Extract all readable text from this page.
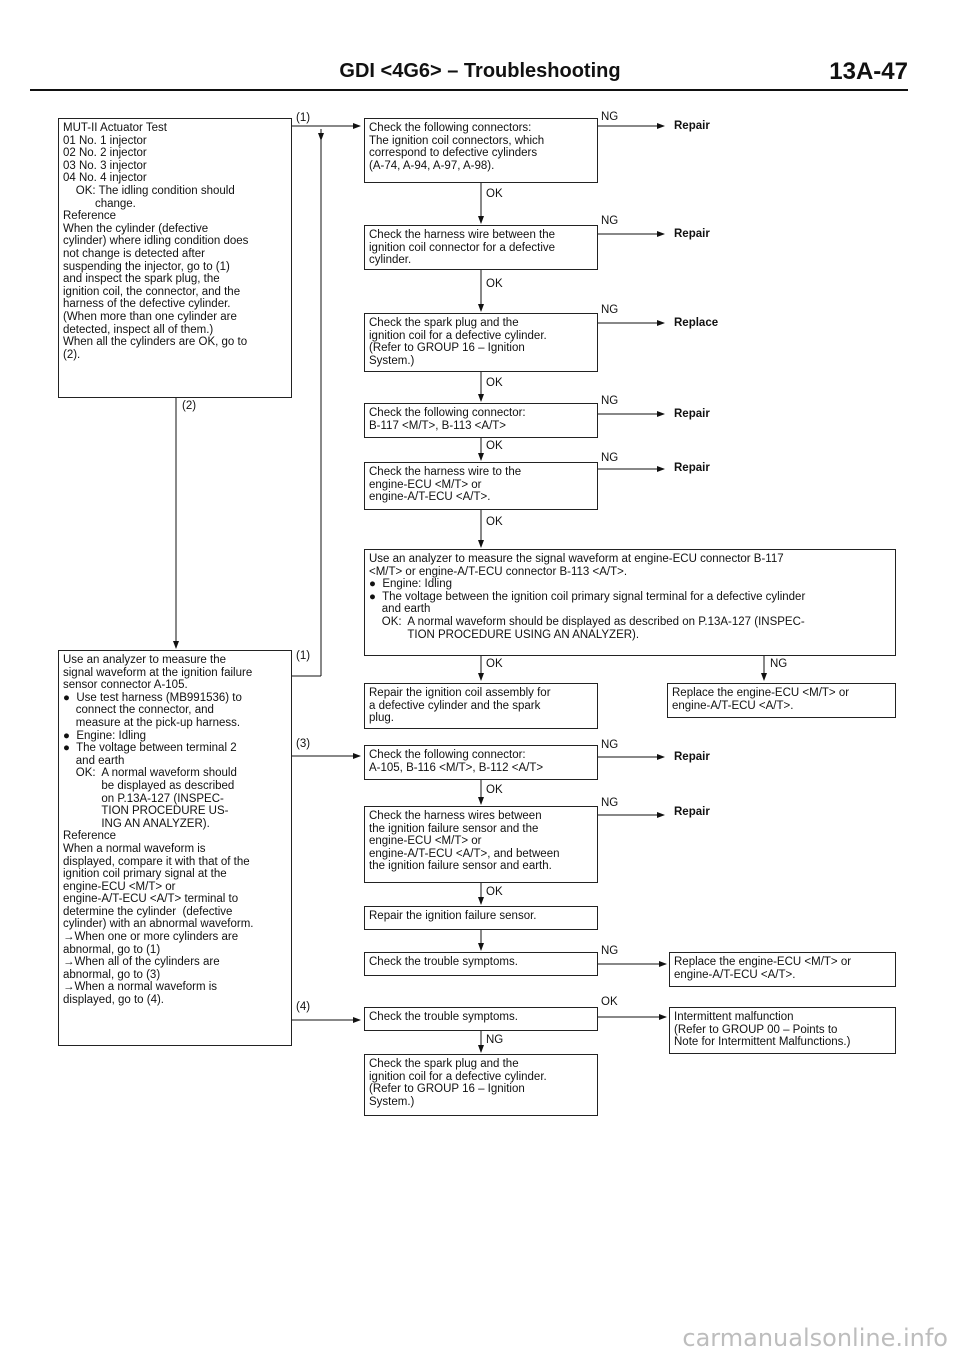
GDI <4G6> – Troubleshooting	13A-47
(1)
(2)
(1)
(3)
(4)
MUT-II Actuator Test
01 No. 1 injector
02 No. 2 injector
03 No. 3 injector
04 No. 4 injector
OK: The idling condition should
change.
Reference
When the cylinder (defective
cylinder) where idling condition does
not change is detected after
suspending the injector, go to (1)
and inspect the spark plug, the
ignition coil, the connector, and the
harness of the defective cylinder.
(When more than one cylinder are
detected, inspect all of them.)
When all the cylinders are OK, go to
(2).
Use an analyzer to measure the
signal waveform at the ignition failure
sensor connector A-105.
●  Use test harness (MB991536) to
connect the connector, and
measure at the pick-up harness.
●  Engine: Idling
●  The voltage between terminal 2
and earth
OK:  A normal waveform should
be displayed as described
on P.13A-127 (INSPEC-
TION PROCEDURE US-
ING AN ANALYZER).
Reference
When a normal waveform is
displayed, compare it with that of the
ignition coil primary signal at the
engine-ECU <M/T> or
engine-A/T-ECU <A/T> terminal to
determine the cylinder  (defective
cylinder) with an abnormal waveform.
→When one or more cylinders are
abnormal, go to (1)
→When all of the cylinders are
abnormal, go to (3)
→When a normal waveform is
displayed, go to (4).
Check the following connectors:
The ignition coil connectors, which
correspond to defective cylinders
(A-74, A-94, A-97, A-98).
Check the harness wire between the
ignition coil connector for a defective
cylinder.
Check the spark plug and the
ignition coil for a defective cylinder.
(Refer to GROUP 16 – Ignition
System.)
Check the following connector:
B-117 <M/T>, B-113 <A/T>
Check the harness wire to the
engine-ECU <M/T> or
engine-A/T-ECU <A/T>.
Use an analyzer to measure the signal waveform at engine-ECU connector B-117
<M/T> or engine-A/T-ECU connector B-113 <A/T>.
●  Engine: Idling
●  The voltage between the ignition coil primary signal terminal for a defective cylinder
and earth
OK:  A normal waveform should be displayed as described on P.13A-127 (INSPEC-
TION PROCEDURE USING AN ANALYZER).
Repair the ignition coil assembly for
a defective cylinder and the spark
plug.
Replace the engine-ECU <M/T> or
engine-A/T-ECU <A/T>.
Check the following connector:
A-105, B-116 <M/T>, B-112 <A/T>
Check the harness wires between
the ignition failure sensor and the
engine-ECU <M/T> or
engine-A/T-ECU <A/T>, and between
the ignition failure sensor and earth.
Repair the ignition failure sensor.
Check the trouble symptoms.	Replace the engine-ECU <M/T> or
engine-A/T-ECU <A/T>.
Check the trouble symptoms.	Intermittent malfunction
(Refer to GROUP 00 – Points to
Note for Intermittent Malfunctions.)
Check the spark plug and the
ignition coil for a defective cylinder.
(Refer to GROUP 16 – Ignition
System.)
OK
OK
OK
OK
OK
OK
OK
OK
OK
NG
NG
NG
NG
NG
NG
NG
NG
NG
NG
Repair
Repair
Replace
Repair
Repair
Repair
Repair
carmanualsonline.info
